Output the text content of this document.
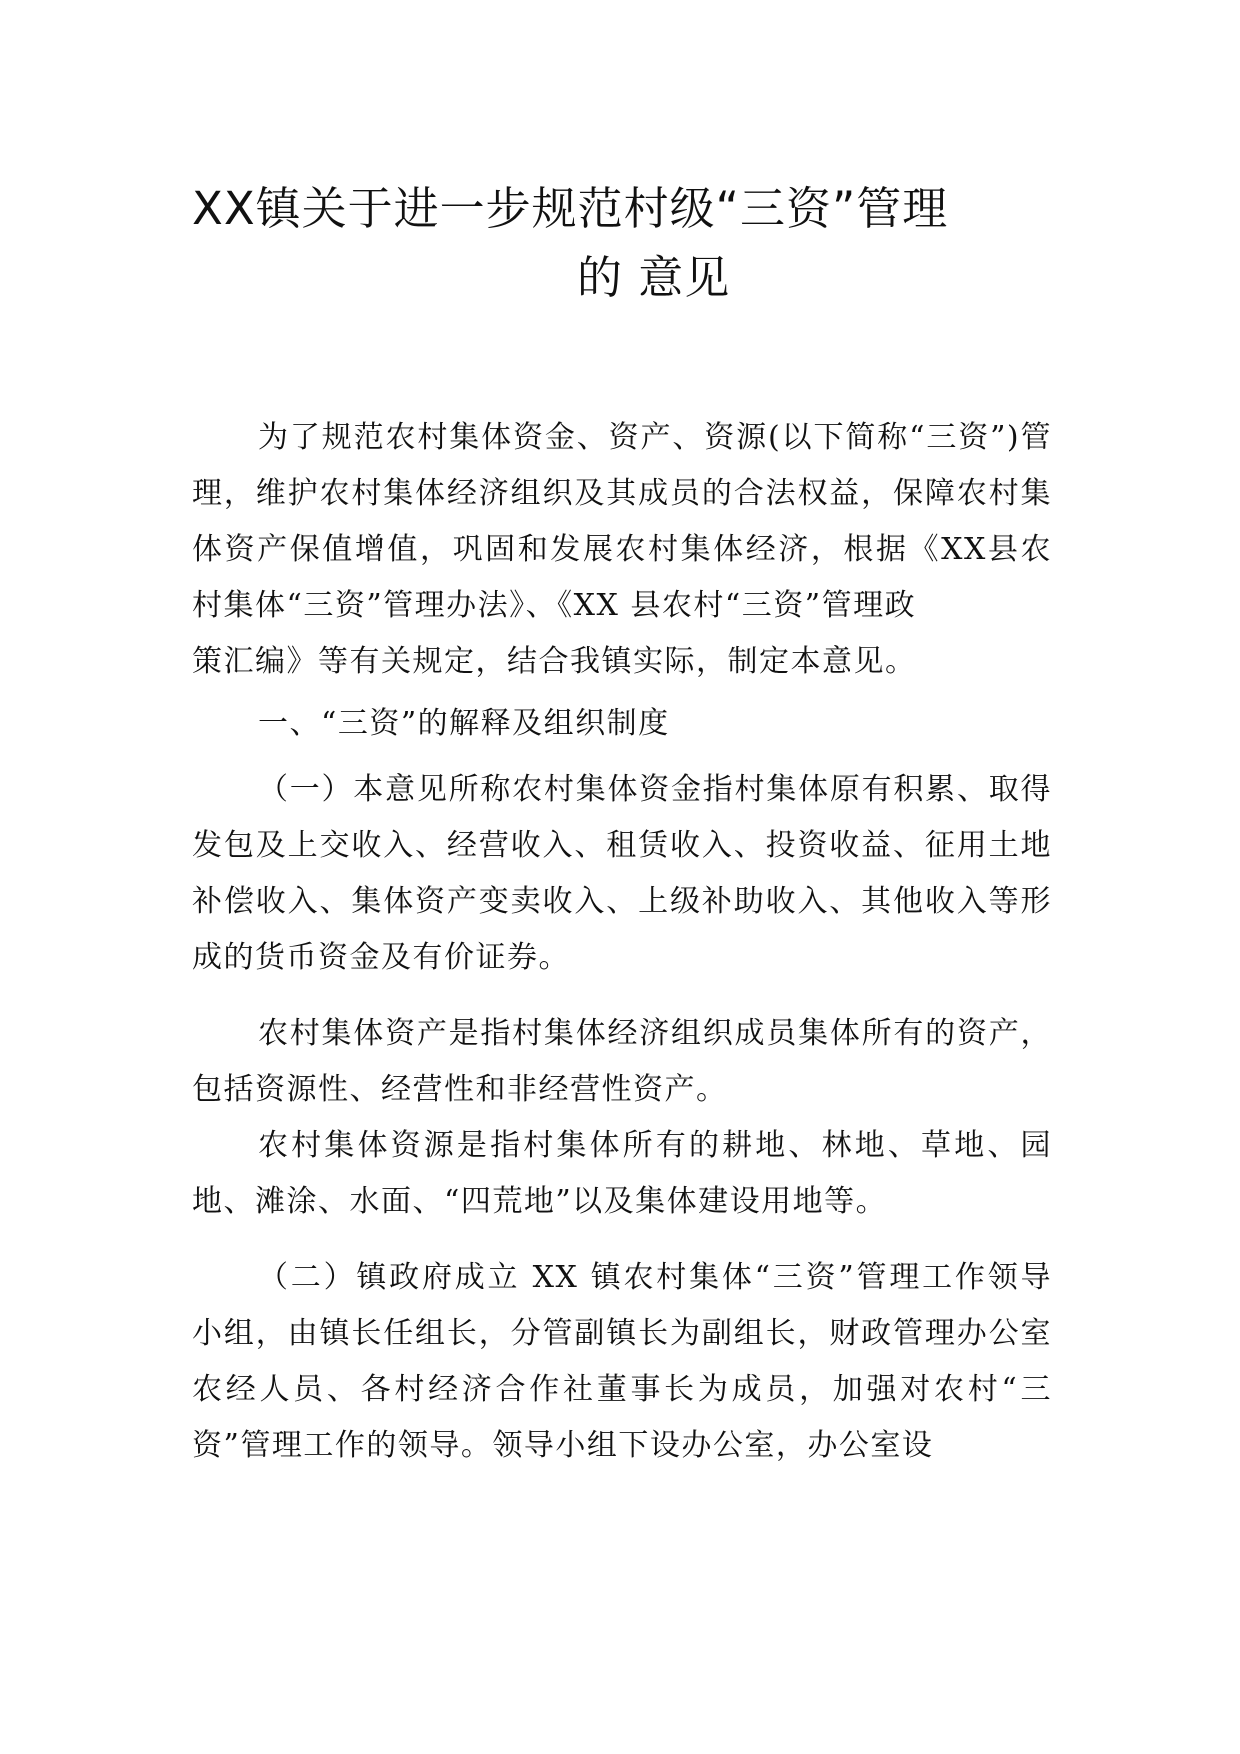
XX镇关于进一步规范村级“三资”管理
的 意见

为了规范农村集体资金、资产、资源(以下简称“三资”)管理，维护农村集体经济组织及其成员的合法权益，保障农村集体资产保值增值，巩固和发展农村集体经济，根据《XX县农村集体“三资”管理办法》、《XX 县农村“三资”管理政
策汇编》等有关规定，结合我镇实际，制定本意见。

一、“三资”的解释及组织制度

（一）本意见所称农村集体资金指村集体原有积累、取得发包及上交收入、经营收入、租赁收入、投资收益、征用土地补偿收入、集体资产变卖收入、上级补助收入、其他收入等形成的货币资金及有价证券。

农村集体资产是指村集体经济组织成员集体所有的资产，包括资源性、经营性和非经营性资产。

农村集体资源是指村集体所有的耕地、林地、草地、园地、滩涂、水面、“四荒地”以及集体建设用地等。

（二）镇政府成立 XX 镇农村集体“三资”管理工作领导小组，由镇长任组长，分管副镇长为副组长，财政管理办公室农经人员、各村经济合作社董事长为成员，加强对农村“三资”管理工作的领导。领导小组下设办公室，办公室设
